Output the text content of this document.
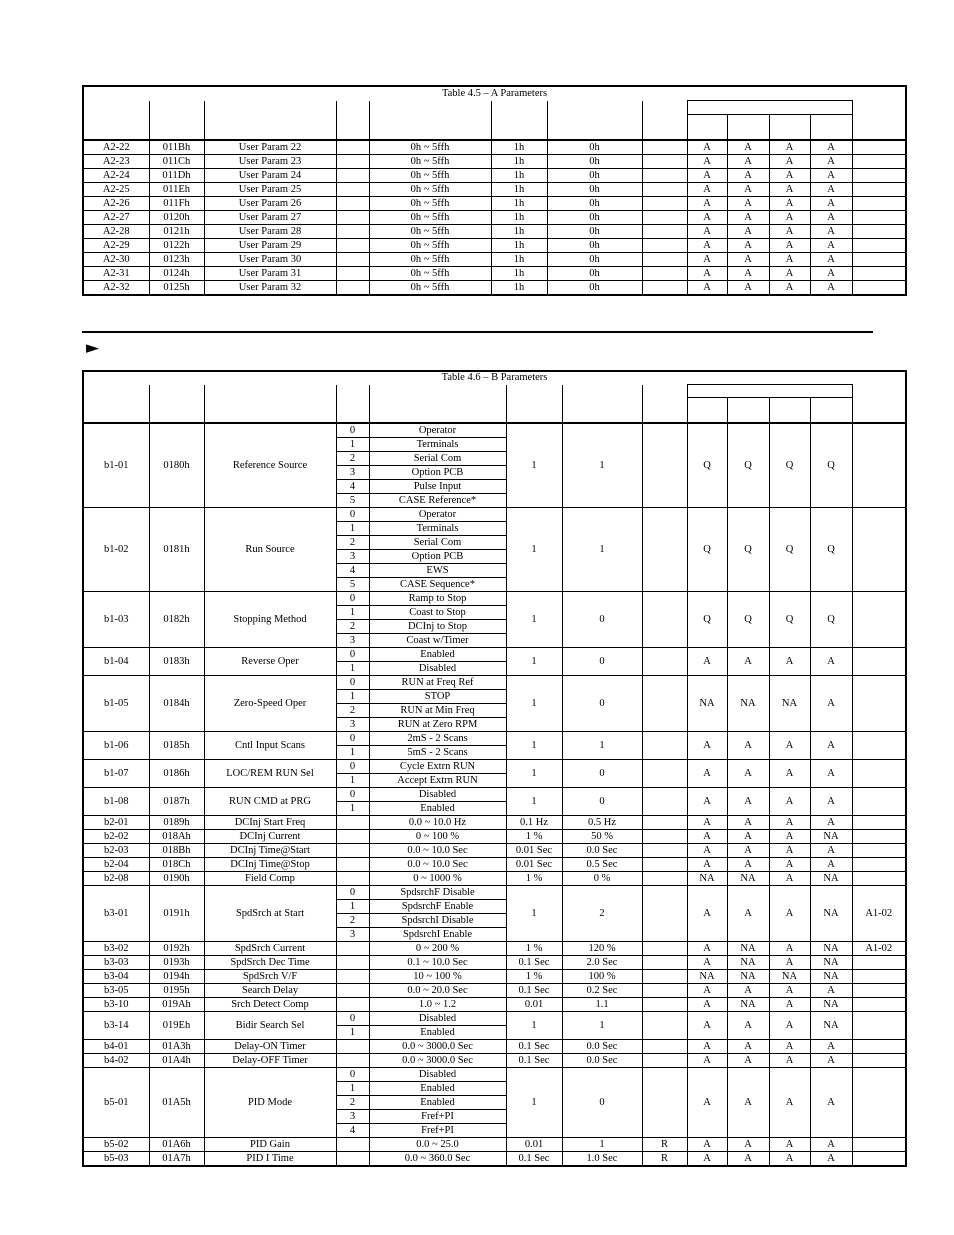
Table 4.5 – A Parameters												

A2-22	011Bh	User Param 22		0h ~ 5ffh	1h	0h		A	A	A	A	
A2-23	011Ch	User Param 23		0h ~ 5ffh	1h	0h		A	A	A	A	
A2-24	011Dh	User Param 24		0h ~ 5ffh	1h	0h		A	A	A	A	
A2-25	011Eh	User Param 25		0h ~ 5ffh	1h	0h		A	A	A	A	
A2-26	011Fh	User Param 26		0h ~ 5ffh	1h	0h		A	A	A	A	
A2-27	0120h	User Param 27		0h ~ 5ffh	1h	0h		A	A	A	A	
A2-28	0121h	User Param 28		0h ~ 5ffh	1h	0h		A	A	A	A	
A2-29	0122h	User Param 29		0h ~ 5ffh	1h	0h		A	A	A	A	
A2-30	0123h	User Param 30		0h ~ 5ffh	1h	0h		A	A	A	A	
A2-31	0124h	User Param 31		0h ~ 5ffh	1h	0h		A	A	A	A	
A2-32	0125h	User Param 32		0h ~ 5ffh	1h	0h		A	A	A	A	
►
Table 4.6 – B Parameters												

b1-01	0180h	Reference Source	0	Operator	1	1		Q	Q	Q	Q	
			1	Terminals								
			2	Serial Com								
			3	Option PCB								
			4	Pulse Input								
			5	CASE Reference*								
b1-02	0181h	Run Source	0	Operator	1	1		Q	Q	Q	Q	
			1	Terminals								
			2	Serial Com								
			3	Option PCB								
			4	EWS								
			5	CASE Sequence*								
b1-03	0182h	Stopping Method	0	Ramp to Stop	1	0		Q	Q	Q	Q	
			1	Coast to Stop								
			2	DCInj to Stop								
			3	Coast w/Timer								
b1-04	0183h	Reverse Oper	0	Enabled	1	0		A	A	A	A	
			1	Disabled								
b1-05	0184h	Zero-Speed Oper	0	RUN at Freq Ref	1	0		NA	NA	NA	A	
			1	STOP								
			2	RUN at Min Freq								
			3	RUN at Zero RPM								
b1-06	0185h	Cntl Input Scans	0	2mS - 2 Scans	1	1		A	A	A	A	
			1	5mS - 2 Scans								
b1-07	0186h	LOC/REM RUN Sel	0	Cycle Extrn RUN	1	0		A	A	A	A	
			1	Accept Extrn RUN								
b1-08	0187h	RUN CMD at PRG	0	Disabled	1	0		A	A	A	A	
			1	Enabled								
b2-01	0189h	DCInj Start Freq		0.0 ~ 10.0 Hz	0.1 Hz	0.5 Hz		A	A	A	A	
b2-02	018Ah	DCInj Current		0 ~ 100 %	1 %	50 %		A	A	A	NA	
b2-03	018Bh	DCInj Time@Start		0.0 ~ 10.0 Sec	0.01 Sec	0.0 Sec		A	A	A	A	
b2-04	018Ch	DCInj Time@Stop		0.0 ~ 10.0 Sec	0.01 Sec	0.5 Sec		A	A	A	A	
b2-08	0190h	Field Comp		0 ~ 1000 %	1 %	0 %		NA	NA	A	NA	
b3-01	0191h	SpdSrch at Start	0	SpdsrchF Disable	1	2		A	A	A	NA	A1-02
			1	SpdsrchF Enable								
			2	SpdsrchI Disable								
			3	SpdsrchI Enable								
b3-02	0192h	SpdSrch Current		0 ~ 200 %	1 %	120 %		A	NA	A	NA	A1-02
b3-03	0193h	SpdSrch Dec Time		0.1 ~ 10.0 Sec	0.1 Sec	2.0 Sec		A	NA	A	NA	
b3-04	0194h	SpdSrch V/F		10 ~ 100 %	1 %	100 %		NA	NA	NA	NA	
b3-05	0195h	Search Delay		0.0 ~ 20.0 Sec	0.1 Sec	0.2 Sec		A	A	A	A	
b3-10	019Ah	Srch Detect Comp		1.0 ~ 1.2	0.01	1.1		A	NA	A	NA	
b3-14	019Eh	Bidir Search Sel	0	Disabled	1	1		A	A	A	NA	
			1	Enabled								
b4-01	01A3h	Delay-ON Timer		0.0 ~ 3000.0 Sec	0.1 Sec	0.0 Sec		A	A	A	A	
b4-02	01A4h	Delay-OFF Timer		0.0 ~ 3000.0 Sec	0.1 Sec	0.0 Sec		A	A	A	A	
b5-01	01A5h	PID Mode	0	Disabled	1	0		A	A	A	A	
			1	Enabled								
			2	Enabled								
			3	Fref+PI								
			4	Fref+PI								
b5-02	01A6h	PID Gain		0.0 ~ 25.0	0.01	1	R	A	A	A	A	
b5-03	01A7h	PID I Time		0.0 ~ 360.0 Sec	0.1 Sec	1.0 Sec	R	A	A	A	A	
